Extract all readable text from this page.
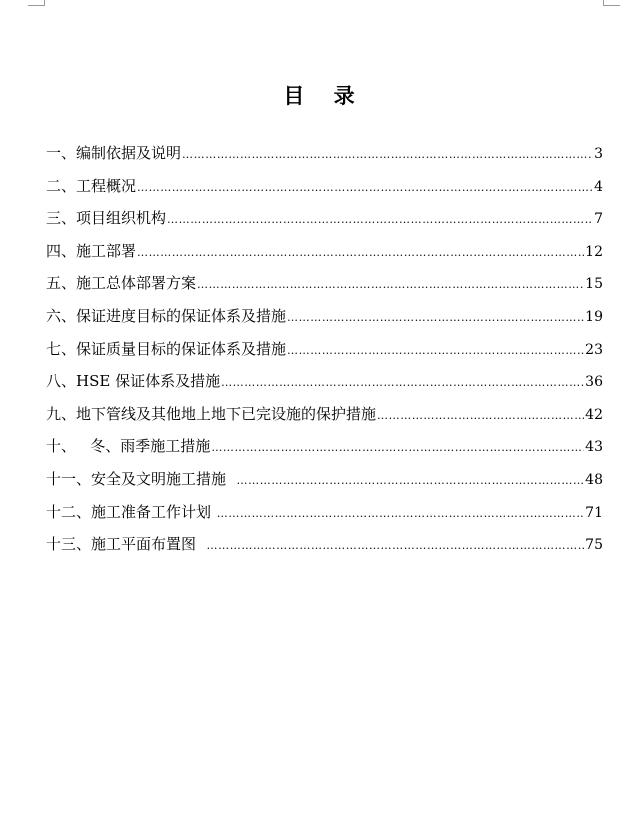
目    录
一、编制依据及说明 ……………………………………………………………………………………………………………………………………………………………………………………………………	3
二、工程概况 ……………………………………………………………………………………………………………………………………………………………………………………………………	4
三、项目组织机构 ……………………………………………………………………………………………………………………………………………………………………………………………………	7
四、施工部署 ……………………………………………………………………………………………………………………………………………………………………………………………………	12
五、施工总体部署方案 ……………………………………………………………………………………………………………………………………………………………………………………………………	15
六、保证进度目标的保证体系及措施 ……………………………………………………………………………………………………………………………………………………………………………………………………	19
七、保证质量目标的保证体系及措施 ……………………………………………………………………………………………………………………………………………………………………………………………………	23
八、HSE 保证体系及措施 ……………………………………………………………………………………………………………………………………………………………………………………………………	36
九、地下管线及其他地上地下已完设施的保护措施 ……………………………………………………………………………………………………………………………………………………………………………………………………	42
十、   冬、雨季施工措施 ……………………………………………………………………………………………………………………………………………………………………………………………………	43
十一、安全及文明施工措施 ……………………………………………………………………………………………………………………………………………………………………………………………………	48
十二、施工准备工作计划 ……………………………………………………………………………………………………………………………………………………………………………………………………	71
十三、施工平面布置图 ……………………………………………………………………………………………………………………………………………………………………………………………………	75
